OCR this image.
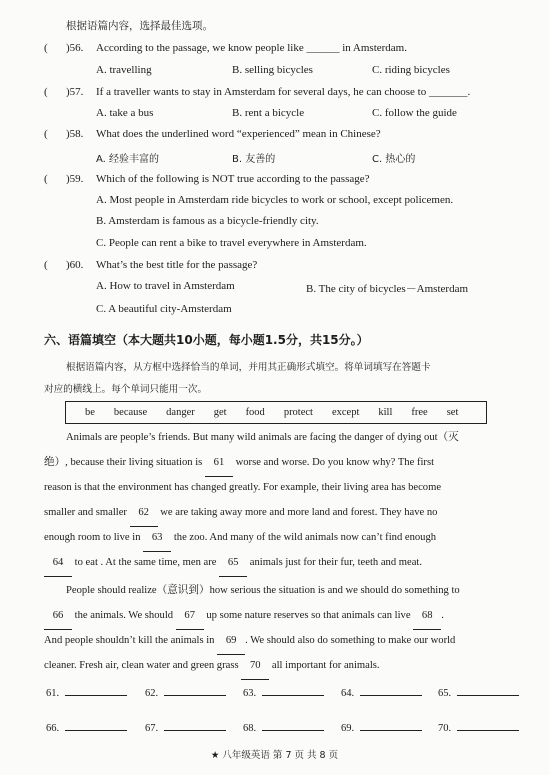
根据语篇内容，选择最佳选项。
( )56. According to the passage, we know people like ______ in Amsterdam.
A. travelling	B. selling bicycles	C. riding bicycles
( )57. If a traveller wants to stay in Amsterdam for several days, he can choose to _______.
A. take a bus	B. rent a bicycle	C. follow the guide
( )58. What does the underlined word “experienced” mean in Chinese?
A. 经验丰富的	B. 友善的	C. 热心的
( )59. Which of the following is NOT true according to the passage?
A. Most people in Amsterdam ride bicycles to work or school, except policemen.
B. Amsterdam is famous as a bicycle-friendly city.
C. People can rent a bike to travel everywhere in Amsterdam.
( )60. What’s the best title for the passage?
A. How to travel in Amsterdam	B. The city of bicycles－Amsterdam
C. A beautiful city-Amsterdam
六、语篇填空（本大题共10小题，每小题1.5分，共15分。）
根据语篇内容，从方框中选择恰当的单词，并用其正确形式填空。将单词填写在答题卡
对应的横线上。每个单词只能用一次。
be	because	danger	get	food	protect	except	kill	free	set
Animals are people’s friends. But many wild animals are facing the danger of dying out（灭
绝）, because their living situation is 61 worse and worse. Do you know why? The first
reason is that the environment has changed greatly. For example, their living area has become
smaller and smaller 62 we are taking away more and more land and forest. They have no
enough room to live in 63 the zoo. And many of the wild animals now can’t find enough
64 to eat . At the same time, men are 65 animals just for their fur, teeth and meat.
People should realize（意识到）how serious the situation is and we should do something to
66 the animals. We should 67 up some nature reserves so that animals can live 68 .
And people shouldn’t kill the animals in 69 . We should also do something to make our world
cleaner. Fresh air, clean water and green grass 70 all important for animals.
61.	62.	63.	64.	65.
66.	67.	68.	69.	70.
★ 八年级英语 第 7 页 共 8 页
